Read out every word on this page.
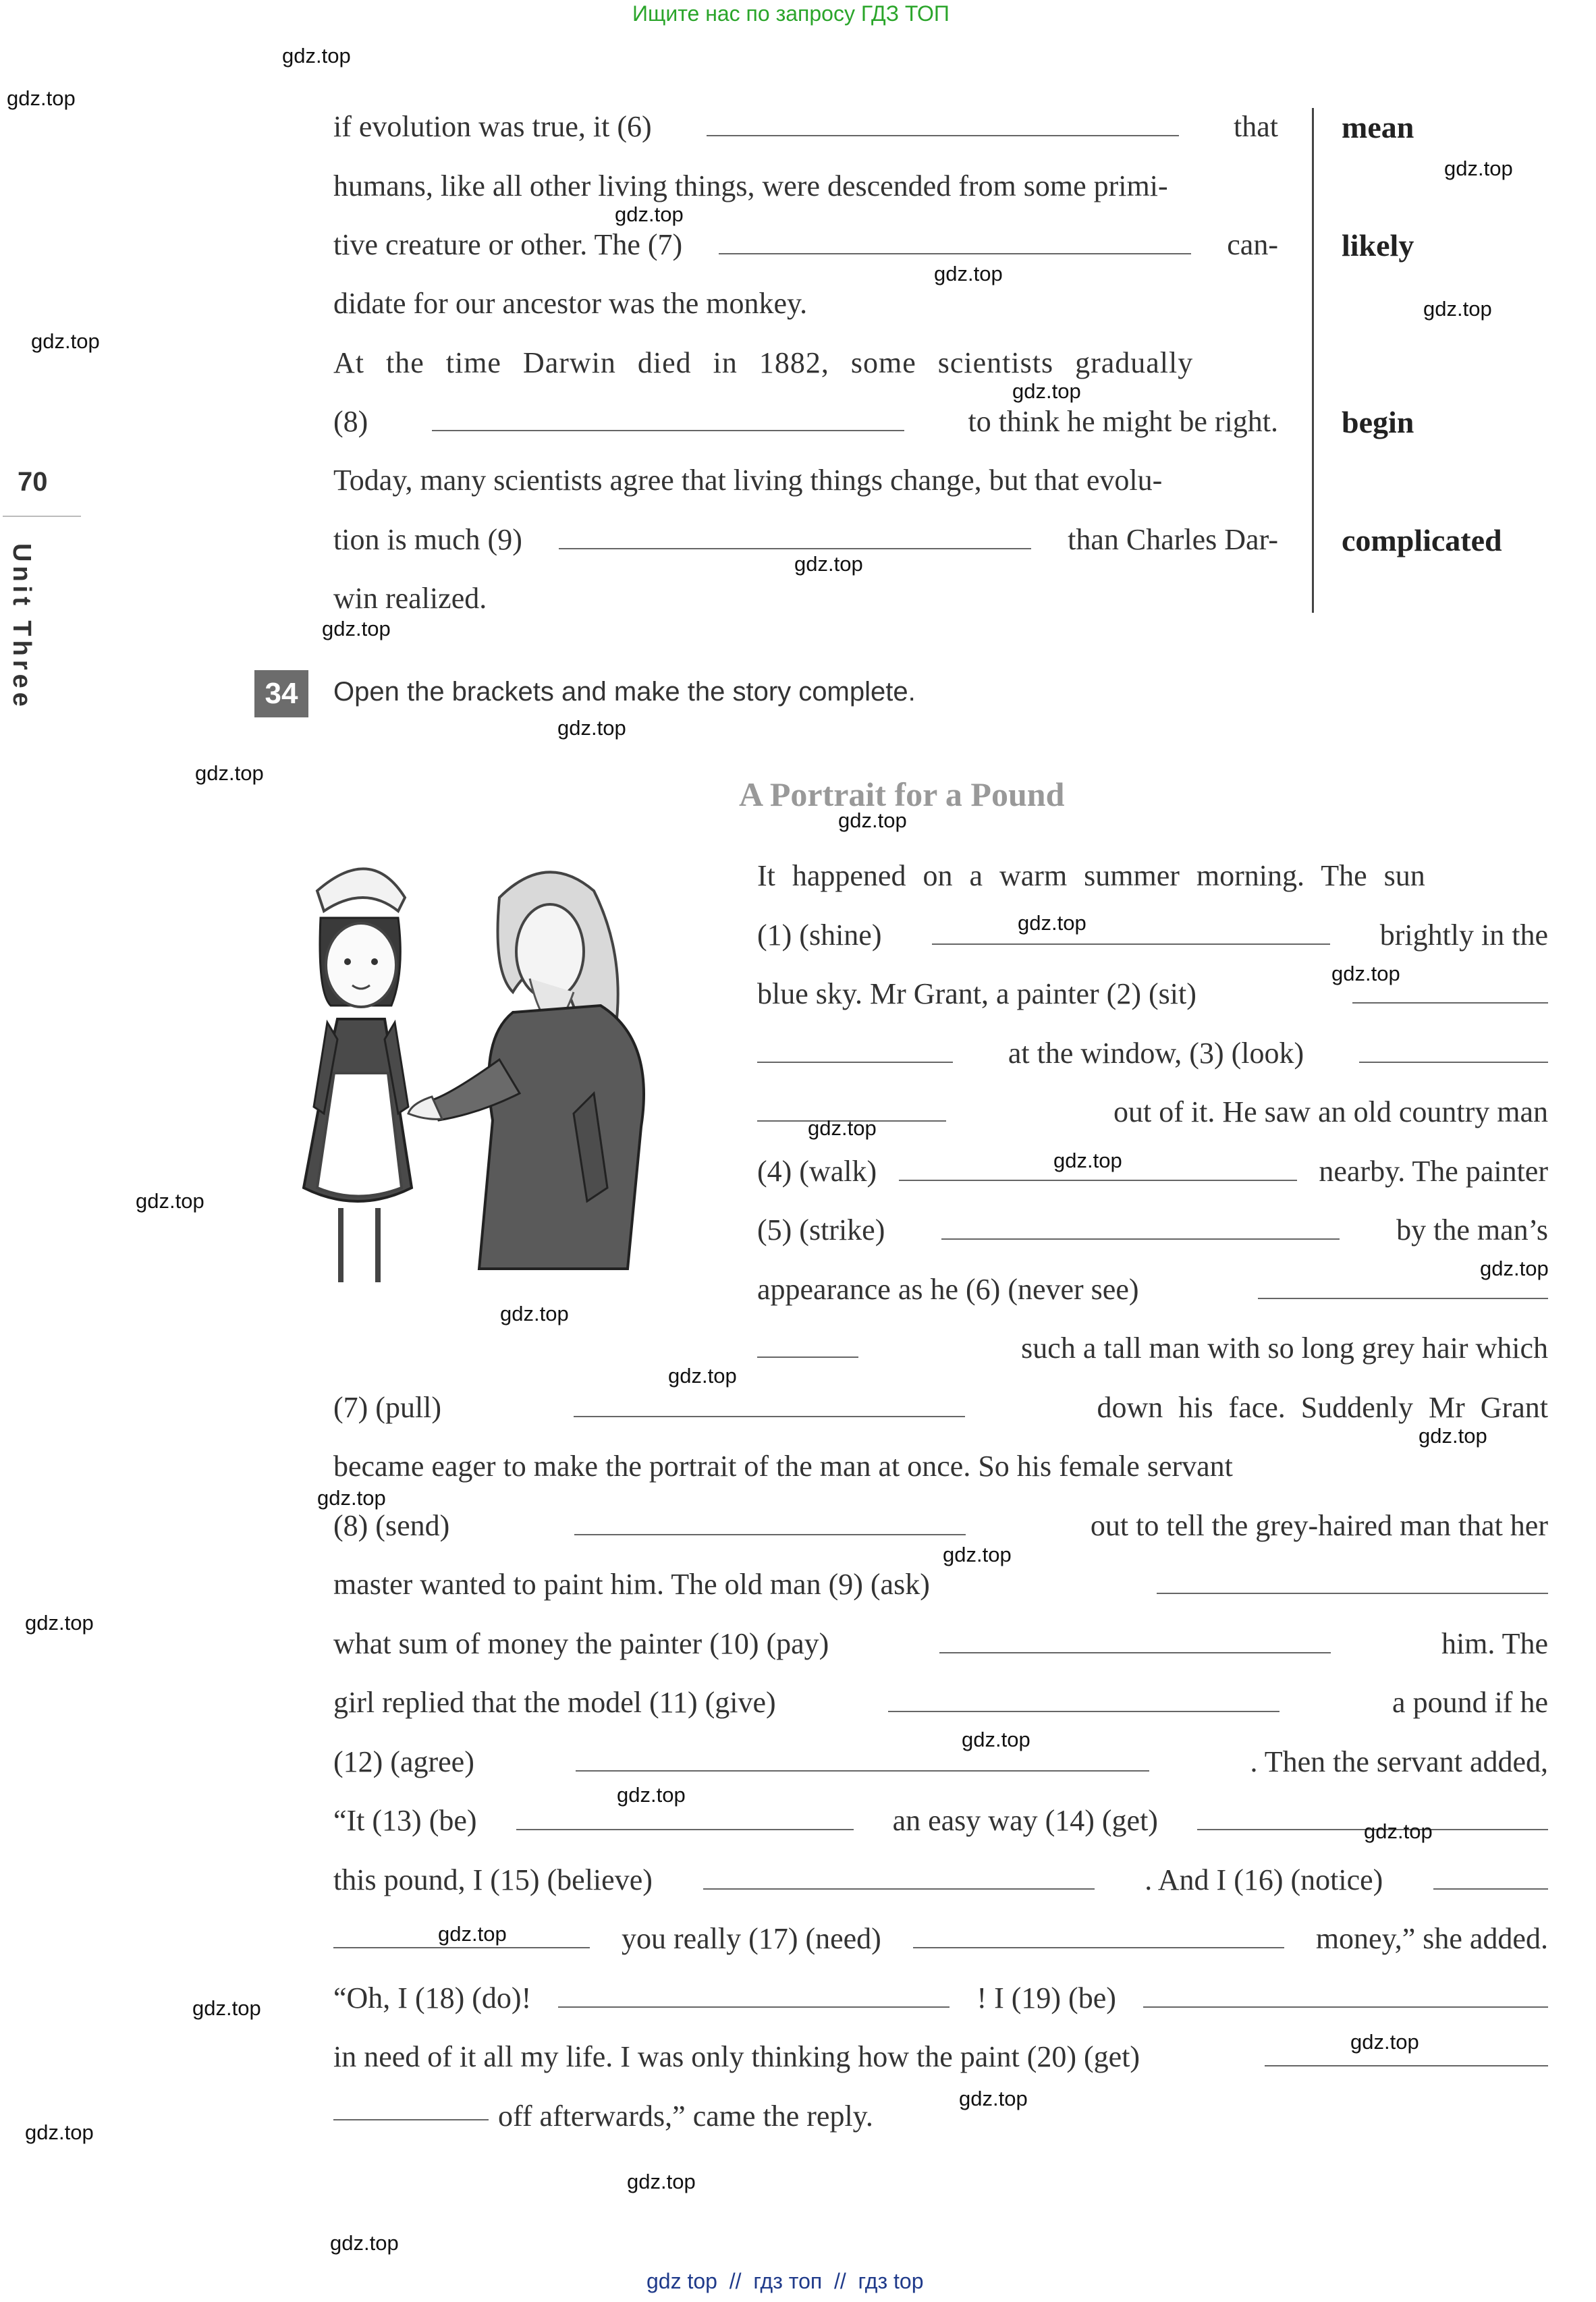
Ищите нас по запросу ГДЗ ТОП
gdz top  //  гдз топ  //  гдз top
70
Unit Three
mean
likely
begin
complicated
if evolution was true, it (6)	that
humans, like all other living things, were descended from some primi-
tive creature or other. The (7)	can-
didate for our ancestor was the monkey.
At the time Darwin died in 1882, some scientists gradually
(8)	to think he might be right.
Today, many scientists agree that living things change, but that evolu-
tion is much (9)	than Charles Dar-
win realized.
34	Open the brackets and make the story complete.
A Portrait for a Pound
It happened on a warm summer morning. The sun
(1) (shine)	brightly in the
blue sky. Mr Grant, a painter (2) (sit)
at the window, (3) (look)
out of it. He saw an old country man
(4) (walk)	nearby. The painter
(5) (strike)	by the man’s
appearance as he (6) (never see)
such a tall man with so long grey hair which
(7) (pull)	down his face. Suddenly Mr Grant
became eager to make the portrait of the man at once. So his female servant
(8) (send)	out to tell the grey-haired man that her
master wanted to paint him. The old man (9) (ask)
what sum of money the painter (10) (pay)	him. The
girl replied that the model (11) (give)	a pound if he
(12) (agree)	. Then the servant added,
“It (13) (be)	an easy way (14) (get)
this pound, I (15) (believe)	. And I (16) (notice)
you really (17) (need)	money,” she added.
“Oh, I (18) (do)!	! I (19) (be)
in need of it all my life. I was only thinking how the paint (20) (get)
off afterwards,” came the reply.
gdz.top
gdz.top
gdz.top
gdz.top
gdz.top
gdz.top
gdz.top
gdz.top
gdz.top
gdz.top
gdz.top
gdz.top
gdz.top
gdz.top
gdz.top
gdz.top
gdz.top
gdz.top
gdz.top
gdz.top
gdz.top
gdz.top
gdz.top
gdz.top
gdz.top
gdz.top
gdz.top
gdz.top
gdz.top
gdz.top
gdz.top
gdz.top
gdz.top
gdz.top
gdz.top
